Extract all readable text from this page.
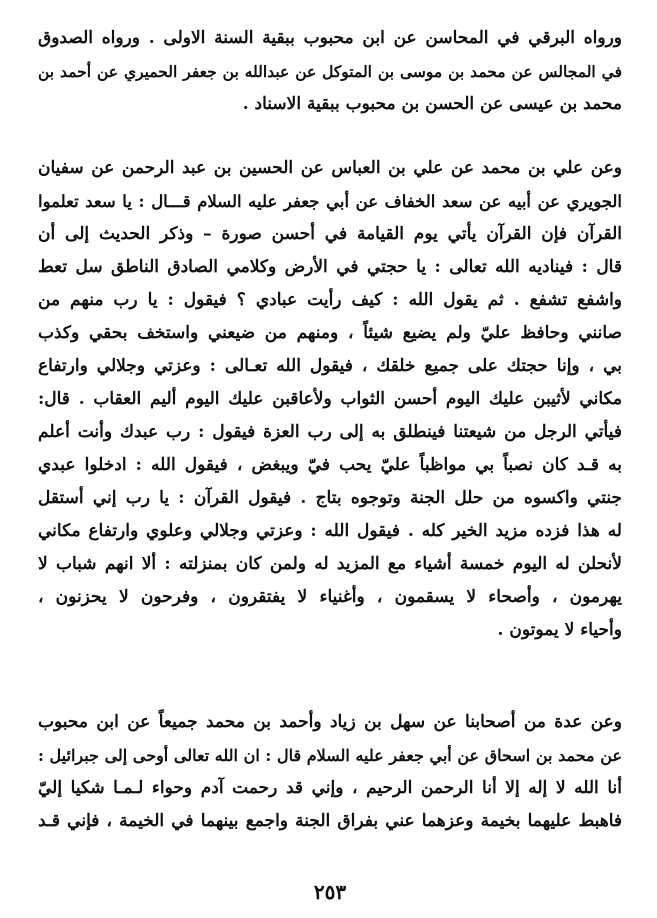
ورواه البرقي في المحاسن عن ابن محبوب ببقية السنة الاولى . ورواه الصدوق
في المجالس عن محمد بن موسى بن المتوكل عن عبدالله بن جعفر الحميري عن أحمد بن
محمد بن عيسى عن الحسن بن محبوب ببقية الاسناد .
وعن علي بن محمد عن علي بن العباس عن الحسين بن عبد الرحمن عن سفيان
الجويري عن أبيه عن سعد الخفاف عن أبي جعفر عليه السلام قـــال : يا سعد تعلموا
القرآن فإن القرآن يأتي يوم القيامة في أحسن صورة – وذكر الحديث إلى أن
قال : فيناديه الله تعالى : يا حجتي في الأرض وكلامي الصادق الناطق سل تعط
واشفع تشفع . ثم يقول الله : كيف رأيت عبادي ؟ فيقول : يا رب منهم من
صانني وحافظ عليّ ولم يضيع شيئاً ، ومنهم من ضيعني واستخف بحقي وكذب
بي ، وإنا حجتك على جميع خلقك ، فيقول الله تعـالى : وعزتي وجلالي وارتفاع
مكاني لأثيبن عليك اليوم أحسن الثواب ولأعاقبن عليك اليوم أليم العقاب . قال:
فيأتي الرجل من شيعتنا فينطلق به إلى رب العزة فيقول : رب عبدك وأنت أعلم
به قـد كان نصباً بي مواظباً عليّ يحب فيّ ويبغض ، فيقول الله : ادخلوا عبدي
جنتي واكسوه من حلل الجنة وتوجوه بتاج . فيقول القرآن : يا رب إني أستقل
له هذا فزده مزيد الخير كله . فيقول الله : وعزتي وجلالي وعلوي وارتفاع مكاني
لأنحلن له اليوم خمسة أشياء مع المزيد له ولمن كان بمنزلته : ألا انهم شباب لا
يهرمون ، وأصحاء لا يسقمون ، وأغنياء لا يفتقرون ، وفرحون لا يحزنون ،
وأحياء لا يموتون .
وعن عدة من أصحابنا عن سهل بن زياد وأحمد بن محمد جميعاً عن ابن محبوب
عن محمد بن اسحاق عن أبي جعفر عليه السلام قال : ان الله تعالى أوحى إلى جبرائيل :
أنا الله لا إله إلا أنا الرحمن الرحيم ، وإني قد رحمت آدم وحواء لـمـا شكيا إليّ
فاهبط عليهما بخيمة وعزهما عني بفراق الجنة واجمع بينهما في الخيمة ، فإني قـد
٢٥٣
